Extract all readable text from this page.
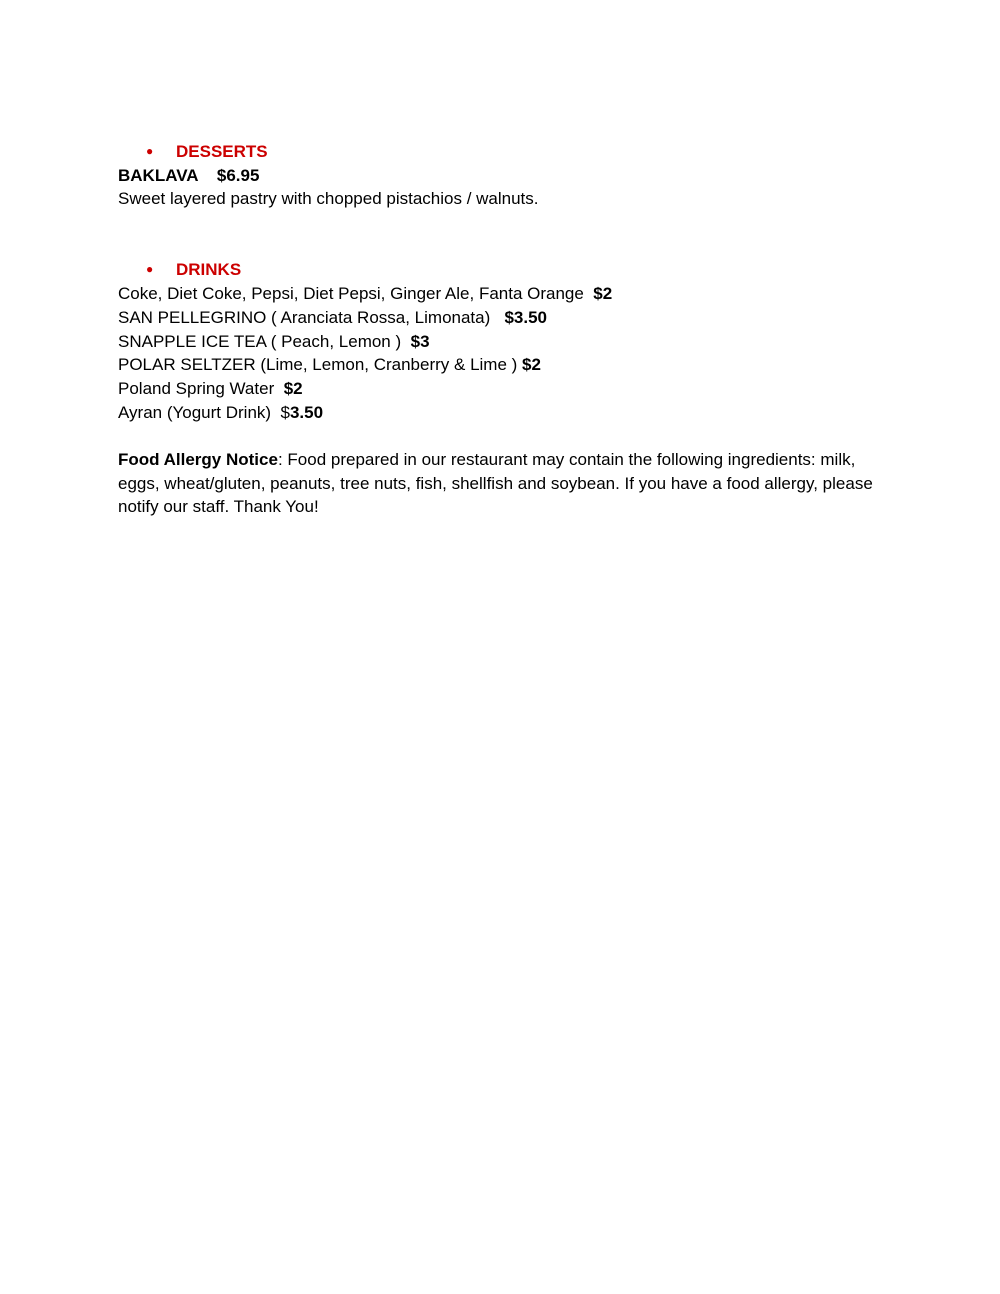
● DESSERTS
BAKLAVA $6.95
Sweet layered pastry with chopped pistachios / walnuts.
● DRINKS
Coke, Diet Coke, Pepsi, Diet Pepsi, Ginger Ale, Fanta Orange  $2
SAN PELLEGRINO ( Aranciata Rossa, Limonata)   $3.50
SNAPPLE ICE TEA ( Peach, Lemon )  $3
POLAR SELTZER (Lime, Lemon, Cranberry & Lime ) $2
Poland Spring Water  $2
Ayran (Yogurt Drink)  $3.50
Food Allergy Notice: Food prepared in our restaurant may contain the following ingredients: milk, eggs, wheat/gluten, peanuts, tree nuts, fish, shellfish and soybean. If you have a food allergy, please notify our staff. Thank You!
